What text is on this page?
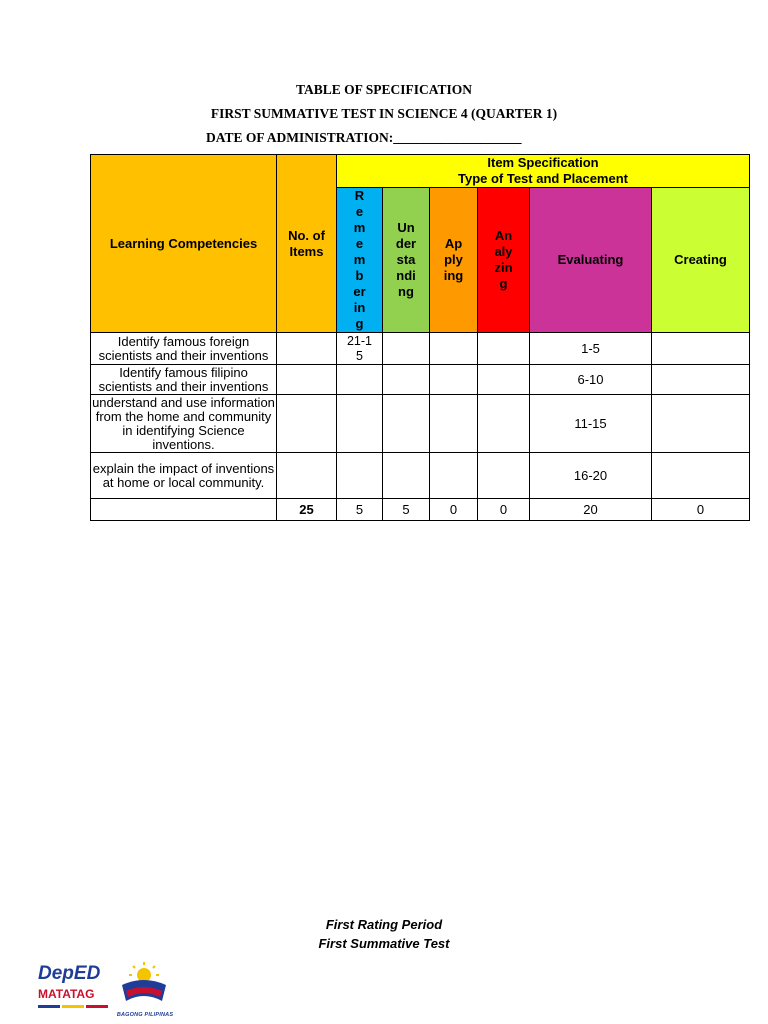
TABLE OF SPECIFICATION
FIRST SUMMATIVE TEST IN SCIENCE 4 (QUARTER 1)
DATE OF ADMINISTRATION:___________________
Learning Competencies	No. of Items	Item Specification
Type of Test and Placement					

		Remembering	Understanding	Applying	Analyzing	Evaluating	Creating
Identify famous foreign scientists and their inventions		21-15				1-5	
Identify famous filipino scientists and their inventions						6-10	
understand and use information from the home and community in identifying Science inventions.						11-15	
explain the impact of inventions at home or local community.						16-20	
	25	5	5	0	0	20	0
First Rating Period
First Summative Test
DepED
MATATAG
BAGONG PILIPINAS
